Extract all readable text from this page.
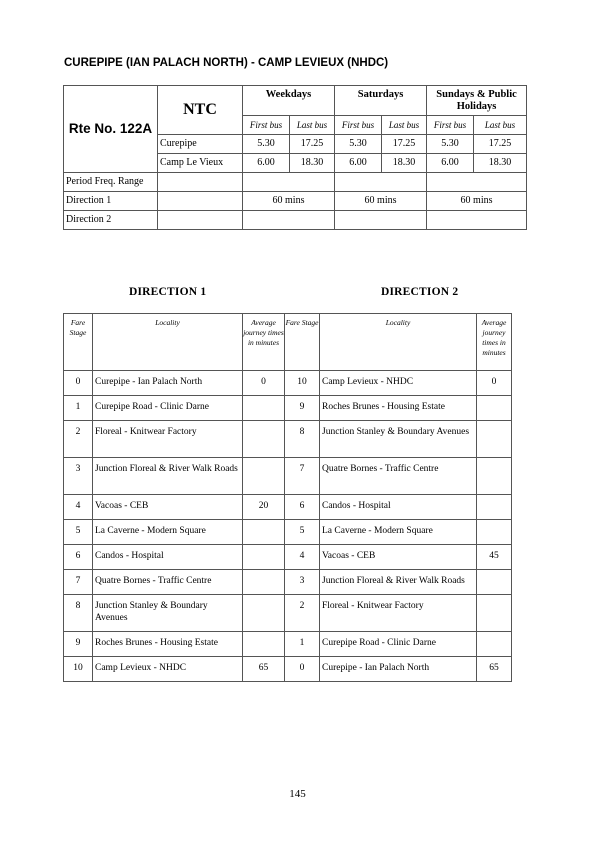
CUREPIPE (IAN PALACH NORTH) - CAMP LEVIEUX (NHDC)
Rte No. 122A	NTC	Weekdays		Saturdays		Sundays & Public Holidays	
		First bus	Last bus	First bus	Last bus	First bus	Last bus
	Curepipe	5.30	17.25	5.30	17.25	5.30	17.25
	Camp Le Vieux	6.00	18.30	6.00	18.30	6.00	18.30
Period Freq. Range							
Direction 1		60 mins		60 mins		60 mins	
Direction 2							
DIRECTION 1	DIRECTION 2
Fare Stage	Locality	Average journey times in minutes	Fare Stage	Locality	Average journey times in minutes
0	Curepipe - Ian Palach North	0	10	Camp Levieux - NHDC	0
1	Curepipe Road - Clinic Darne		9	Roches Brunes - Housing Estate	
2	Floreal - Knitwear Factory		8	Junction Stanley & Boundary Avenues	
3	Junction Floreal & River Walk Roads		7	Quatre Bornes - Traffic Centre	
4	Vacoas - CEB	20	6	Candos - Hospital	
5	La Caverne - Modern Square		5	La Caverne - Modern Square	
6	Candos - Hospital		4	Vacoas - CEB	45
7	Quatre Bornes - Traffic Centre		3	Junction Floreal & River Walk Roads	
8	Junction Stanley & Boundary Avenues		2	Floreal - Knitwear Factory	
9	Roches Brunes - Housing Estate		1	Curepipe Road - Clinic Darne	
10	Camp Levieux - NHDC	65	0	Curepipe - Ian Palach North	65
145
